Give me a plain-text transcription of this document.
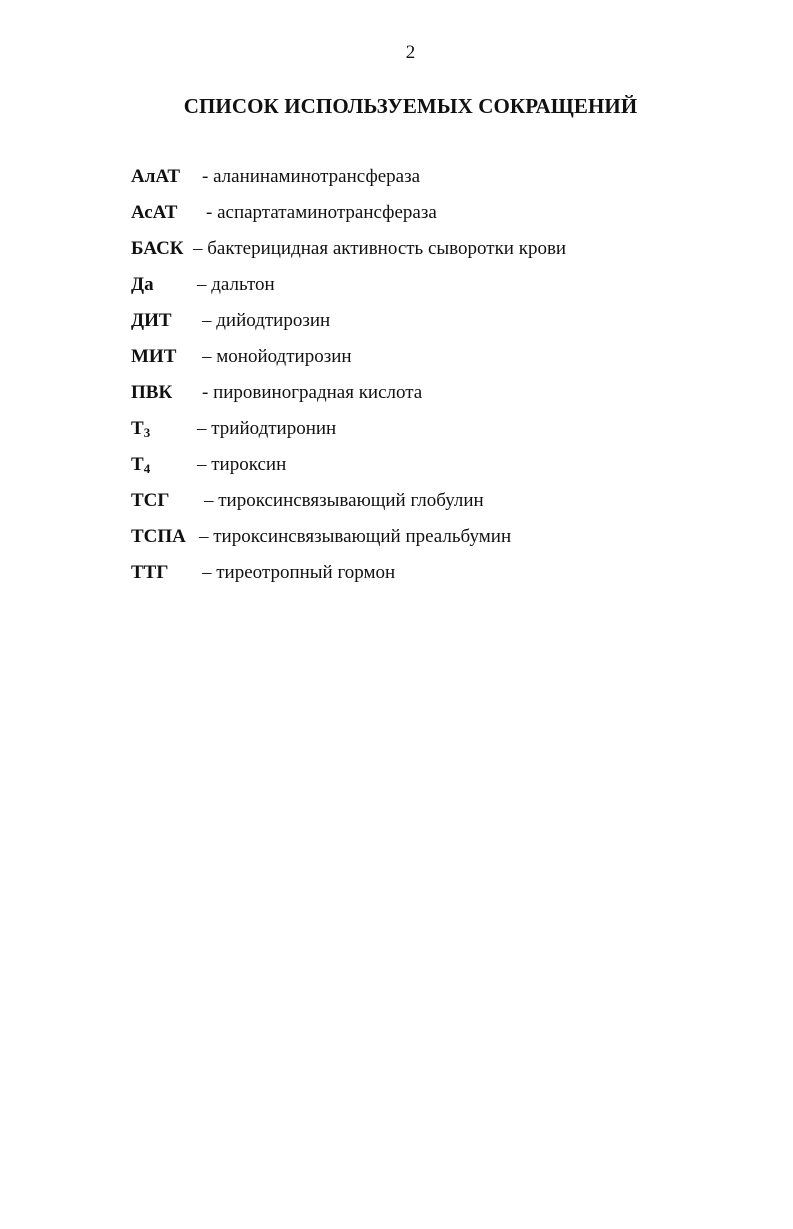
2
СПИСОК ИСПОЛЬЗУЕМЫХ СОКРАЩЕНИЙ
АлАТ - аланинаминотрансфераза
АсАТ - аспартатаминотрансфераза
БАСК – бактерицидная активность сыворотки крови
Да – дальтон
ДИТ – дийодтирозин
МИТ – монойодтирозин
ПВК - пировиноградная кислота
$Т_3$ – трийодтиронин
$Т_4$ – тироксин
ТСГ – тироксинсвязывающий глобулин
ТСПА – тироксинсвязывающий преальбумин
ТТГ – тиреотропный гормон
